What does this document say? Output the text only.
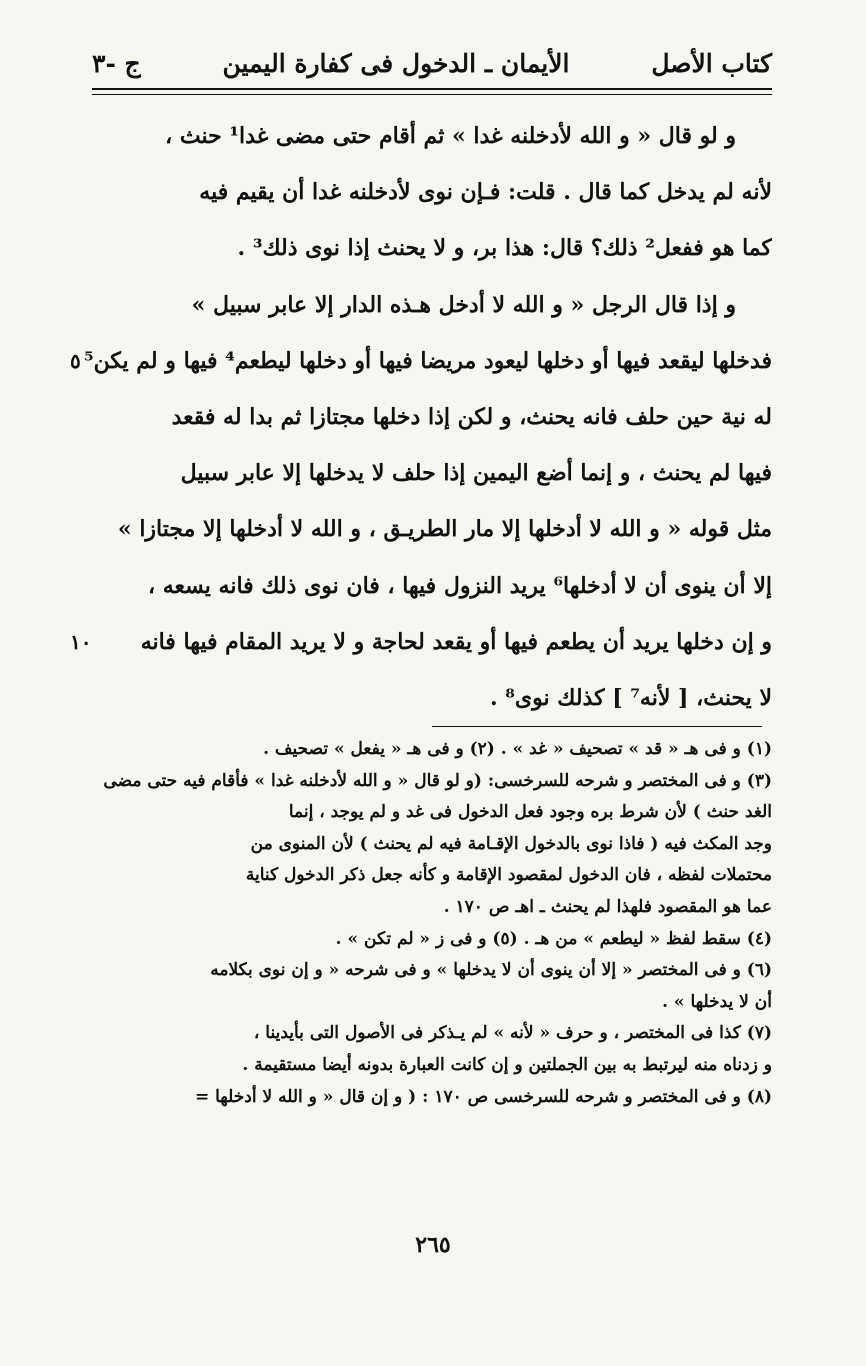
كتاب الأصل
الأيمان ـ الدخول فى كفارة اليمين
ج -٣
و لو قال « و الله لأدخلنه غدا » ثم أقام حتى مضى غدا¹ حنث ،
لأنه لم يدخل كما قال . قلت: فـإن نوى لأدخلنه غدا أن يقيم فيه
كما هو ففعل² ذلك؟ قال: هذا بر، و لا يحنث إذا نوى ذلك³ .
و إذا قال الرجل « و الله لا أدخل هـذه الدار إلا عابر سبيل »
فدخلها ليقعد فيها أو دخلها ليعود مريضا فيها أو دخلها ليطعم⁴ فيها و لم يكن⁵
٥
له نية حين حلف فانه يحنث، و لكن إذا دخلها مجتازا ثم بدا له فقعد
فيها لم يحنث ، و إنما أضع اليمين إذا حلف لا يدخلها إلا عابر سبيل
مثل قوله « و الله لا أدخلها إلا مار الطريـق ، و الله لا أدخلها إلا مجتازا »
إلا أن ينوى أن لا أدخلها⁶ يريد النزول فيها ، فان نوى ذلك فانه يسعه ،
و إن دخلها يريد أن يطعم فيها أو يقعد لحاجة و لا يريد المقام فيها فانه
١٠
لا يحنث، [ لأنه⁷ ] كذلك نوى⁸ .
(١) و فى هـ « قد » تصحيف « غد » . (٢) و فى هـ « يفعل » تصحيف .
(٣) و فى المختصر و شرحه للسرخسى: (و لو قال « و الله لأدخلنه غدا » فأقام فيه حتى مضى
الغد حنث ) لأن شرط بره وجود فعل الدخول فى غد و لم يوجد ، إنما
وجد المكث فيه ( فاذا نوى بالدخول الإقـامة فيه لم يحنث ) لأن المنوى من
محتملات لفظه ، فان الدخول لمقصود الإقامة و كأنه جعل ذكر الدخول كناية
عما هو المقصود فلهذا لم يحنث ـ اهـ ص ١٧٠ .
(٤) سقط لفظ « ليطعم » من هـ . (٥) و فى ز « لم تكن » .
(٦) و فى المختصر « إلا أن ينوى أن لا يدخلها » و فى شرحه « و إن نوى بكلامه
أن لا يدخلها » .
(٧) كذا فى المختصر ، و حرف « لأنه » لم يـذكر فى الأصول التى بأيدينا ،
و زدناه منه ليرتبط به بين الجملتين و إن كانت العبارة بدونه أيضا مستقيمة .
(٨) و فى المختصر و شرحه للسرخسى ص ١٧٠ : ( و إن قال « و الله لا أدخلها =
٢٦٥
